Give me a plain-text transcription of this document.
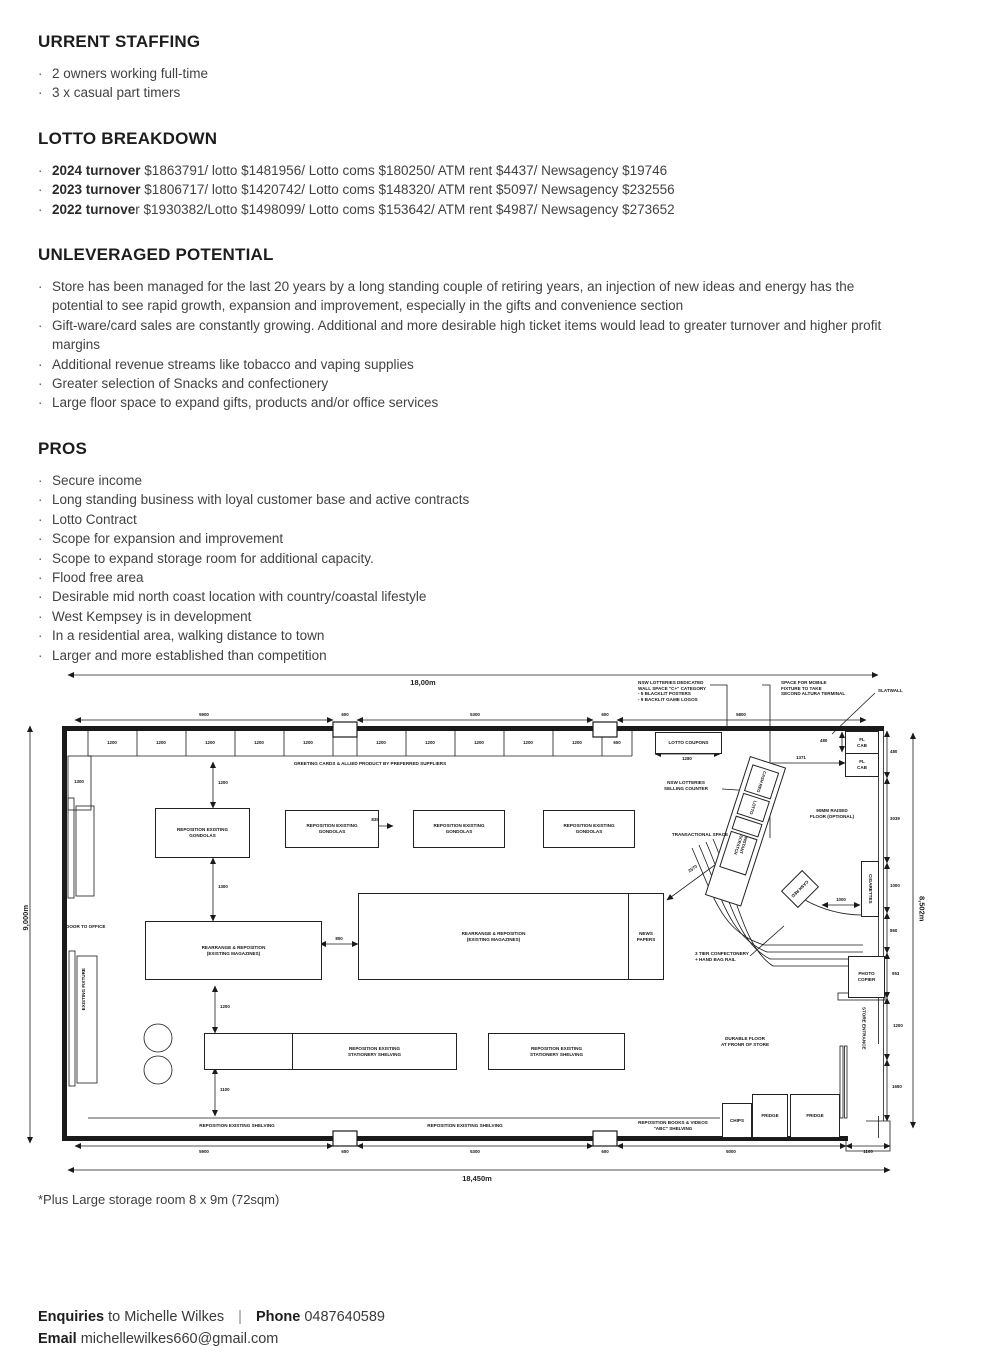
URRENT STAFFING
· 2 owners working full-time
· 3 x casual part timers
LOTTO BREAKDOWN
· 2024 turnover $1863791/ lotto $1481956/ Lotto coms $180250/ ATM rent $4437/ Newsagency $19746
· 2023 turnover $1806717/ lotto $1420742/ Lotto coms $148320/ ATM rent $5097/ Newsagency $232556
· 2022 turnover $1930382/Lotto $1498099/ Lotto coms $153642/ ATM rent $4987/ Newsagency $273652
UNLEVERAGED POTENTIAL
· Store has been managed for the last 20 years by a long standing couple of retiring years, an injection of new ideas and energy has the potential to see rapid growth, expansion and improvement, especially in the gifts and convenience section
· Gift-ware/card sales are constantly growing. Additional and more desirable high ticket items would lead to greater turnover and higher profit margins
· Additional revenue streams like tobacco and vaping supplies
· Greater selection of Snacks and confectionery
· Large floor space to expand gifts, products and/or office services
PROS
· Secure income
· Long standing business with loyal customer base and active contracts
· Lotto Contract
· Scope for expansion and improvement
· Scope to expand storage room for additional capacity.
· Flood free area
· Desirable mid north coast location with country/coastal lifestyle
· West Kempsey is in development
· In a residential area, walking distance to town
· Larger and more established than competition
18,00m
18,450m
9,000m	8,502m
5900	600	5300	600	5800
1200	1200	1200	1200	1200	1200	1200	1200	1200	1200	600
1300
LOTTO COUPONS
1280
GREETING CARDS & ALLIED PRODUCT BY PREFERRED SUPPLIERS
NSW LOTTERIES DEDICATED
WALL SPACE "C+" CATEGORY
- 5 BLACKLIT POSTERS
- 9 BACKLIT GAME LOGOS
SPACE FOR MOBILE
FIXTURE TO TAKE
SECOND ALTURA TERMINAL
SLATWALL
FL
CAB
FL
CAB
480
480
1371
3039
1000
860
953
1200
1650
NSW LOTTERIES
SELLING COUNTER	CASH REG
LOTTO
INSTANT SCRATCH
CASH REG
TRANSACTIONAL SPACE
90MM RAISED
FLOOR (OPTIONAL)
2570
1000	CIGARETTES
REPOSITION EXISTING
GONDOLAS
REPOSITION EXISTING
GONDOLAS
REPOSITION EXISTING
GONDOLAS
REPOSITION EXISTING
GONDOLAS
835
1200
1300
REARRANGE & REPOSITION
(EXISTING MAGAZINES)
800
REARRANGE & REPOSITION
(EXISTING MAGAZINES)
NEWS
PAPERS
3 TIER CONFECTONERY
+ HAND BAG RAIL
PHOTO
COPIER
STORE ENTRANCE
DOOR TO OFFICE
EXISTING FIXTURE	1200
1100
REPOSITION EXISTING
STATIONERY SHELVING
REPOSITION EXISTING
STATIONERY SHELVING
DURABLE FLOOR
AT FRONR OF STORE
CHIPS
FRIDGE	FRIDGE
REPOSITION EXISTING SHELVING	REPOSITION EXISTING SHELVING
REPOSITION BOOKS & VIDEOS
"ABC" SHELVING
5900	600	5300	600	5000	1100
*Plus Large storage room 8 x 9m (72sqm)
Enquiries to Michelle Wilkes | Phone 0487640589
Email michellewilkes660@gmail.com
